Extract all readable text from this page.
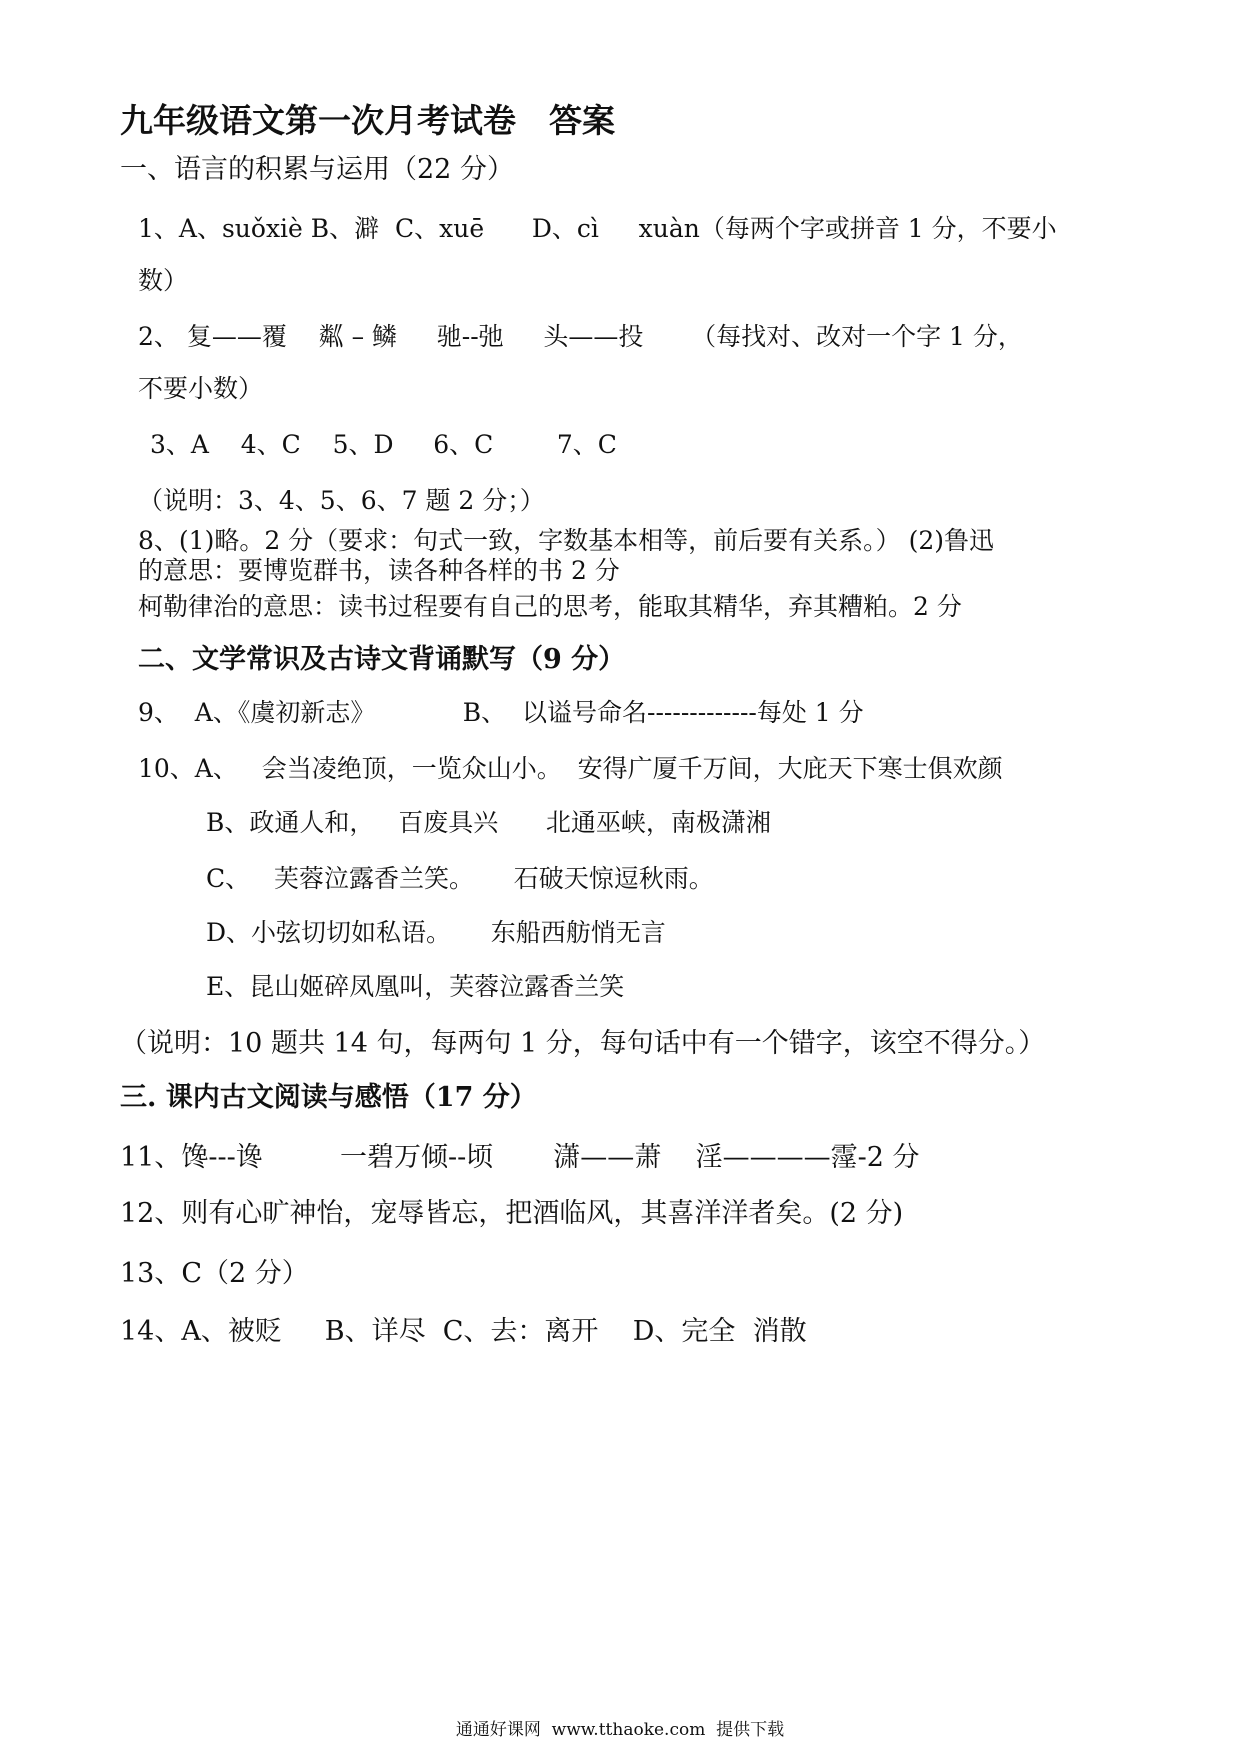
九年级语文第一次月考试卷　答案
一、语言的积累与运用（22 分）
1、A、suǒxiè B、澼  C、xuē      D、cì     xuàn（每两个字或拼音 1 分，不要小
数）
2、 复——覆    粼 – 鳞     驰--弛     头——投      （每找对、改对一个字 1 分，
不要小数）
3、A    4、C    5、D     6、C        7、C
（说明：3、4、5、6、7 题 2 分；）
8、(1)略。2 分（要求：句式一致，字数基本相等，前后要有关系。） (2)鲁迅
的意思：要博览群书，读各种各样的书 2 分
柯勒律治的意思：读书过程要有自己的思考，能取其精华，弃其糟粕。2 分
二、文学常识及古诗文背诵默写（9 分）
9、  A、《虞初新志》           B、  以谥号命名-------------每处 1 分
10、A、   会当凌绝顶，一览众山小。  安得广厦千万间，大庇天下寒士俱欢颜
B、政通人和，   百废具兴      北通巫峡，南极潇湘
C、   芙蓉泣露香兰笑。     石破天惊逗秋雨。
D、小弦切切如私语。     东船西舫悄无言
E、昆山姬碎凤凰叫，芙蓉泣露香兰笑
（说明：10 题共 14 句，每两句 1 分，每句话中有一个错字，该空不得分。）
三. 课内古文阅读与感悟（17 分）
11、馋---谗         一碧万倾--顷       潇——萧    淫————霪-2 分
12、则有心旷神怡，宠辱皆忘，把酒临风，其喜洋洋者矣。(2 分)
13、C（2 分）
14、A、被贬     B、详尽  C、去：离开    D、完全  消散
通通好课网  www.tthaoke.com  提供下载
